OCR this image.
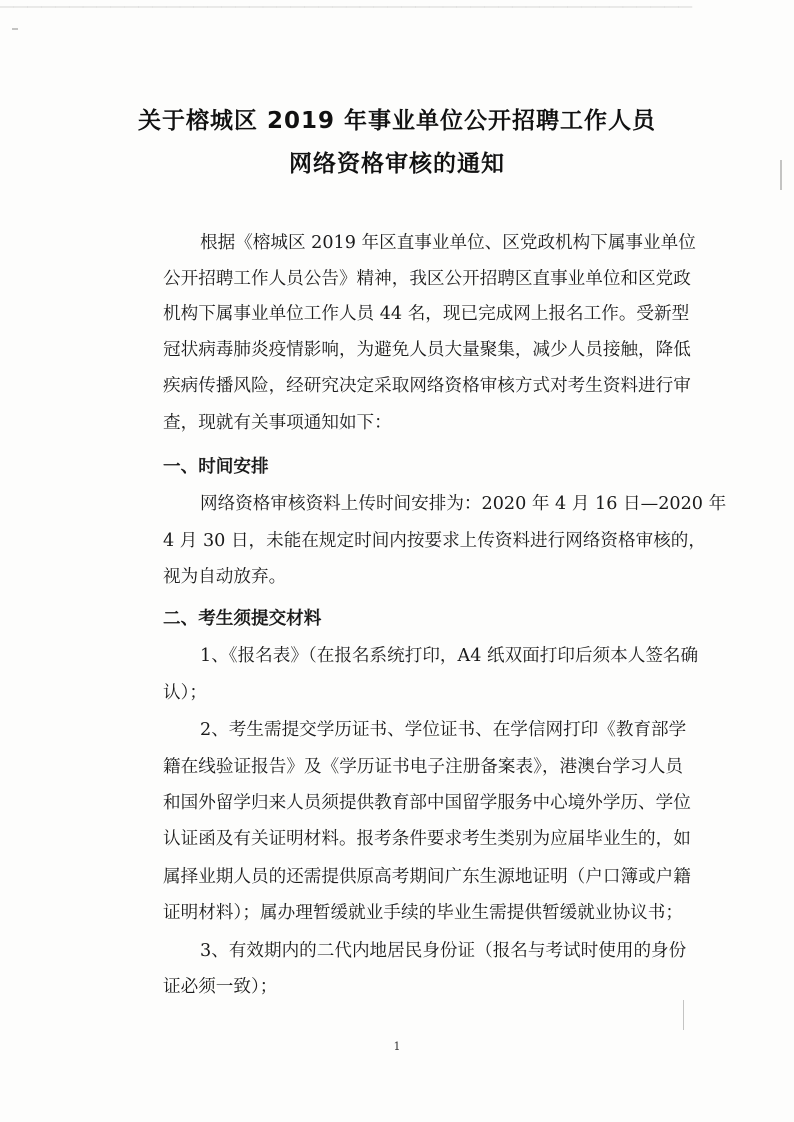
▔▔▔▔▔▔▔▔▔▔▔▔▔▔▔▔▔▔▔▔▔▔▔▔▔▔▔▔▔▔▔▔▔▔▔▔▔▔▔▔▔▔▔▔▔▔▔▔▔▔
关于榕城区 2019 年事业单位公开招聘工作人员
网络资格审核的通知
根据《榕城区 2019 年区直事业单位、区党政机构下属事业单位
公开招聘工作人员公告》精神，我区公开招聘区直事业单位和区党政
机构下属事业单位工作人员 44 名，现已完成网上报名工作。受新型
冠状病毒肺炎疫情影响，为避免人员大量聚集，减少人员接触，降低
疾病传播风险，经研究决定采取网络资格审核方式对考生资料进行审
查，现就有关事项通知如下：
一、时间安排
网络资格审核资料上传时间安排为：2020 年 4 月 16 日—2020 年
4 月 30 日，未能在规定时间内按要求上传资料进行网络资格审核的，
视为自动放弃。
二、考生须提交材料
1、《报名表》（在报名系统打印，A4 纸双面打印后须本人签名确
认）；
2、考生需提交学历证书、学位证书、在学信网打印《教育部学
籍在线验证报告》及《学历证书电子注册备案表》，港澳台学习人员
和国外留学归来人员须提供教育部中国留学服务中心境外学历、学位
认证函及有关证明材料。报考条件要求考生类别为应届毕业生的，如
属择业期人员的还需提供原高考期间广东生源地证明（户口簿或户籍
证明材料）；属办理暂缓就业手续的毕业生需提供暂缓就业协议书；
3、有效期内的二代内地居民身份证（报名与考试时使用的身份
证必须一致）；
1
